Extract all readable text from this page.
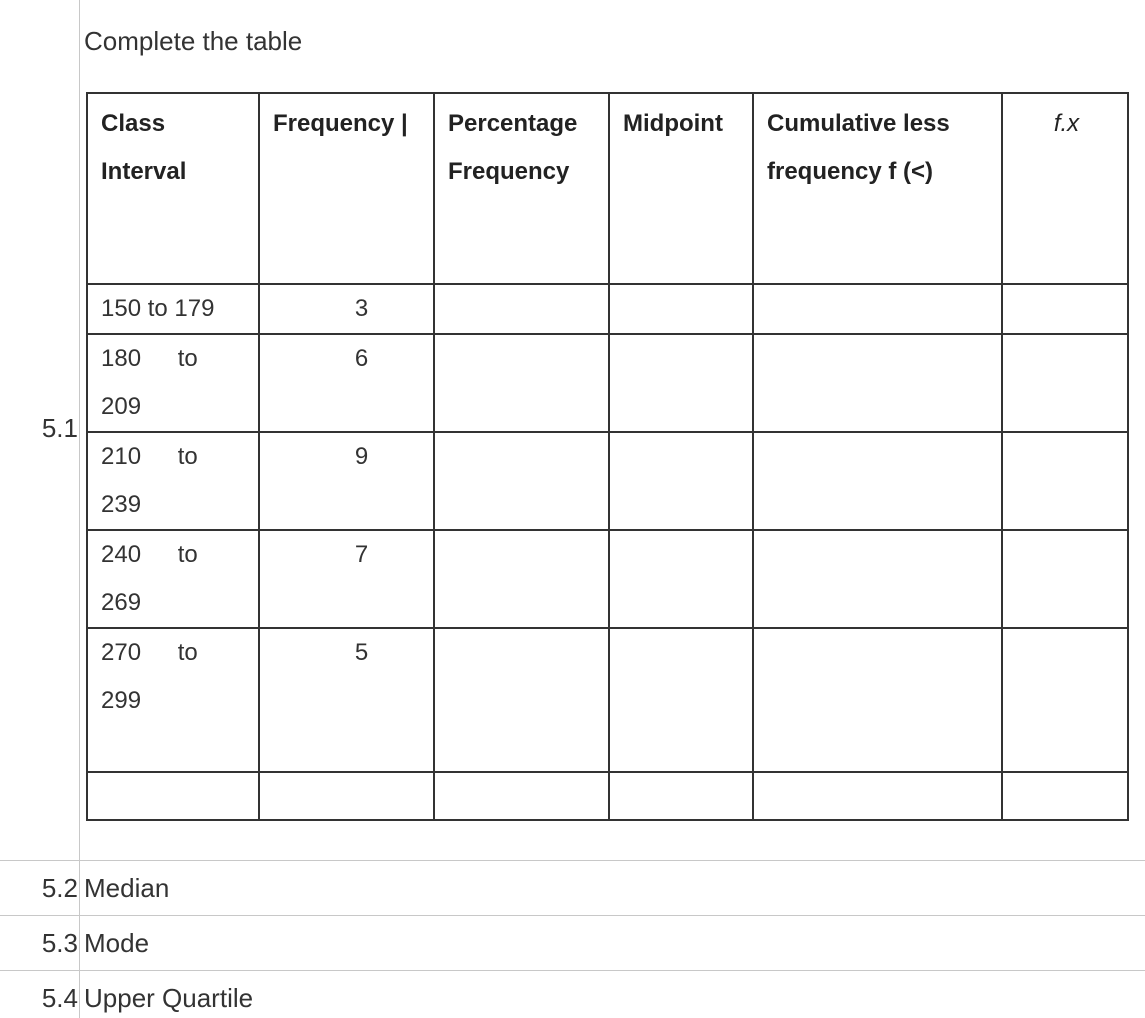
Complete the table
5.1
Class Interval	Frequency |	Percentage Frequency	Midpoint	Cumulative less frequency f (<)	f.x
150 to 179	3				
180 to 209	6				
210 to 239	9				
240 to 269	7				
270 to 299	5				

5.2 Median
5.3 Mode
5.4 Upper Quartile
